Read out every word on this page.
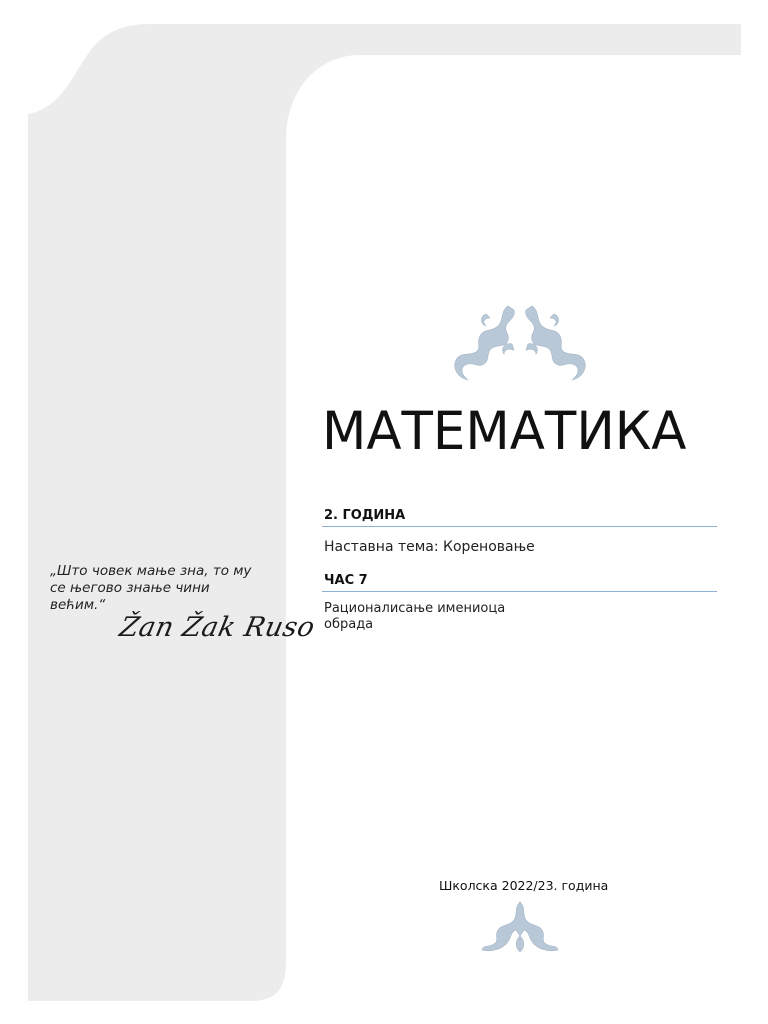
МАТЕМАТИКА

2. ГОДИНА

Наставна тема: Кореновање

ЧАС 7

Рационалисање имениоца

обрада

„Што човек мање зна, то му се његово знање чини већим.“

Žan Žak Ruso

Школска 2022/23. година
